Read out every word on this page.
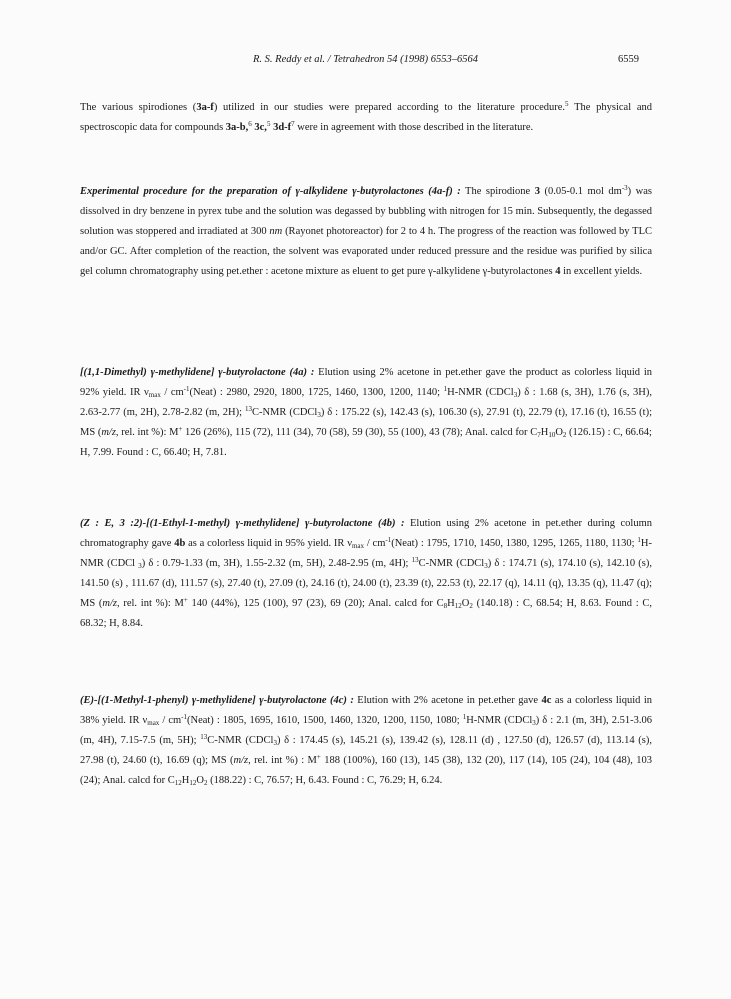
R. S. Reddy et al. / Tetrahedron 54 (1998) 6553–6564	6559

The various spirodiones (3a-f) utilized in our studies were prepared according to the literature procedure.$^5$ The physical and spectroscopic data for compounds 3a-b,$^6$ 3c,$^5$ $3d-f^7$ were in agreement with those described in the literature.

Experimental procedure for the preparation of γ-alkylidene γ-butyrolactones (4a-f) : The spirodione 3 (0.05-0.1 mol $dm^{-3}$) was dissolved in dry benzene in pyrex tube and the solution was degassed by bubbling with nitrogen for 15 min. Subsequently, the degassed solution was stoppered and irradiated at 300 nm (Rayonet photoreactor) for 2 to 4 h. The progress of the reaction was followed by TLC and/or GC. After completion of the reaction, the solvent was evaporated under reduced pressure and the residue was purified by silica gel column chromatography using pet.ether : acetone mixture as eluent to get pure γ-alkylidene γ-butyrolactones 4 in excellent yields.

[(1,1-Dimethyl) γ-methylidene] γ-butyrolactone (4a) : Elution using 2% acetone in pet.ether gave the product as colorless liquid in 92% yield. IR $\nu_{max}$ / $cm^{-1}(Neat)$ : 2980, 2920, 1800, 1725, 1460, 1300, 1200, 1140; $^1$H-NMR (CDCl$_3$) δ : 1.68 (s, 3H), 1.76 (s, 3H), 2.63-2.77 (m, 2H), 2.78-2.82 (m, 2H); $^{13}$C-NMR (CDCl$_3$) δ : 175.22 (s), 142.43 (s), 106.30 (s), 27.91 (t), 22.79 (t), 17.16 (t), 16.55 (t); MS (m/z, rel. int %): M+ 126 (26%), 115 (72), 111 (34), 70 (58), 59 (30), 55 (100), 43 (78); Anal. calcd for $C_7H_{10}O_2$ (126.15) : C, 66.64; H, 7.99. Found : C, 66.40; H, 7.81.

(Z : E, 3 :2)-[(1-Ethyl-1-methyl) γ-methylidene] γ-butyrolactone (4b) : Elution using 2% acetone in pet.ether during column chromatography gave 4b as a colorless liquid in 95% yield. IR $\nu_{max}$ / $cm^{-1}(Neat)$ : 1795, 1710, 1450, 1380, 1295, 1265, 1180, 1130; $^1$H-NMR (CDCl $_3$) δ : 0.79-1.33 (m, 3H), 1.55-2.32 (m, 5H), 2.48-2.95 (m, 4H); $^{13}$C-NMR (CDCl$_3$) δ : 174.71 (s), 174.10 (s), 142.10 (s), 141.50 (s) , 111.67 (d), 111.57 (s), 27.40 (t), 27.09 (t), 24.16 (t), 24.00 (t), 23.39 (t), 22.53 (t), 22.17 (q), 14.11 (q), 13.35 (q), 11.47 (q); MS (m/z, rel. int %): M+ 140 (44%), 125 (100), 97 (23), 69 (20); Anal. calcd for $C_8H_{12}O_2$ (140.18) : C, 68.54; H, 8.63. Found : C, 68.32; H, 8.84.

(E)-[(1-Methyl-1-phenyl) γ-methylidene] γ-butyrolactone (4c) : Elution with 2% acetone in pet.ether gave 4c as a colorless liquid in 38% yield. IR $\nu_{max}$ / $cm^{-1}(Neat)$ : 1805, 1695, 1610, 1500, 1460, 1320, 1200, 1150, 1080; $^1$H-NMR (CDCl$_3$) δ : 2.1 (m, 3H), 2.51-3.06 (m, 4H), 7.15-7.5 (m, 5H); $^{13}$C-NMR (CDCl$_3$) δ : 174.45 (s), 145.21 (s), 139.42 (s), 128.11 (d) , 127.50 (d), 126.57 (d), 113.14 (s), 27.98 (t), 24.60 (t), 16.69 (q); MS (m/z, rel. int %) : M+ 188 (100%), 160 (13), 145 (38), 132 (20), 117 (14), 105 (24), 104 (48), 103 (24); Anal. calcd for $C_{12}H_{12}O_2$ (188.22) : C, 76.57; H, 6.43. Found : C, 76.29; H, 6.24.
